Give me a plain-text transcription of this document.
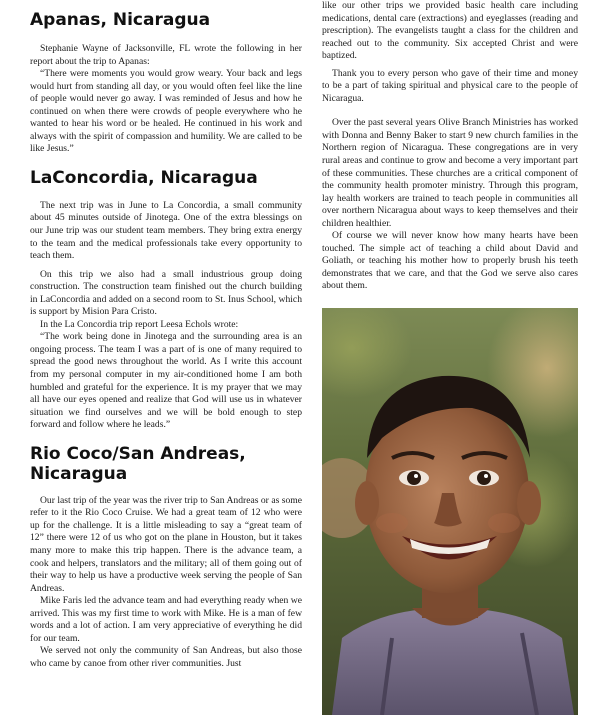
Apanas, Nicaragua

Stephanie Wayne of Jacksonville, FL wrote the following in her report about the trip to Apanas:

“There were moments you would grow weary. Your back and legs would hurt from standing all day, or you would often feel like the line of people would never go away. I was reminded of Jesus and how he continued on when there were crowds of people everywhere who he wanted to hear his word or be healed. He continued in his work and always with the spirit of compassion and humility. We are called to be like Jesus.”

LaConcordia, Nicaragua

The next trip was in June to La Concordia, a small community about 45 minutes outside of Jinotega. One of the extra blessings on our June trip was our student team members. They bring extra energy to the team and the medical professionals take every opportunity to teach them.

On this trip we also had a small industrious group doing construction. The construction team finished out the church building in LaConcordia and added on a second room to St. Inus School, which is support by Mision Para Cristo.

In the La Concordia trip report Leesa Echols wrote:

“The work being done in Jinotega and the surrounding area is an ongoing process. The team I was a part of is one of many required to spread the good news throughout the world. As I write this account from my personal computer in my air-conditioned home I am both humbled and grateful for the experience. It is my prayer that we may all have our eyes opened and realize that God will use us in whatever situation we find ourselves and we will be bold enough to step forward and follow where he leads.”

Rio Coco/San Andreas,
Nicaragua

Our last trip of the year was the river trip to San Andreas or as some refer to it the Rio Coco Cruise. We had a great team of 12 who were up for the challenge. It is a little misleading to say a “great team of 12” there were 12 of us who got on the plane in Houston, but it takes many more to make this trip happen. There is the advance team, a cook and helpers, translators and the military; all of them going out of their way to help us have a productive week serving the people of San Andreas.

Mike Faris led the advance team and had everything ready when we arrived. This was my first time to work with Mike. He is a man of few words and a lot of action. I am very appreciative of everything he did for our team.

We served not only the community of San Andreas, but also those who came by canoe from other river communities. Just

like our other trips we provided basic health care including medications, dental care (extractions) and eyeglasses (reading and prescription). The evangelists taught a class for the children and reached out to the community. Six accepted Christ and were baptized.

Thank you to every person who gave of their time and money to be a part of taking spiritual and physical care to the people of Nicaragua.

Over the past several years Olive Branch Ministries has worked with Donna and Benny Baker to start 9 new church families in the Northern region of Nicaragua. These congregations are in very rural areas and continue to grow and become a very important part of these communities. These churches are a critical component of the community health promoter ministry. Through this program, lay health workers are trained to teach people in communities all over northern Nicaragua about ways to keep themselves and their children healthier.

Of course we will never know how many hearts have been touched. The simple act of teaching a child about David and Goliath, or teaching his mother how to properly brush his teeth demonstrates that we care, and that the God we serve also cares about them.
